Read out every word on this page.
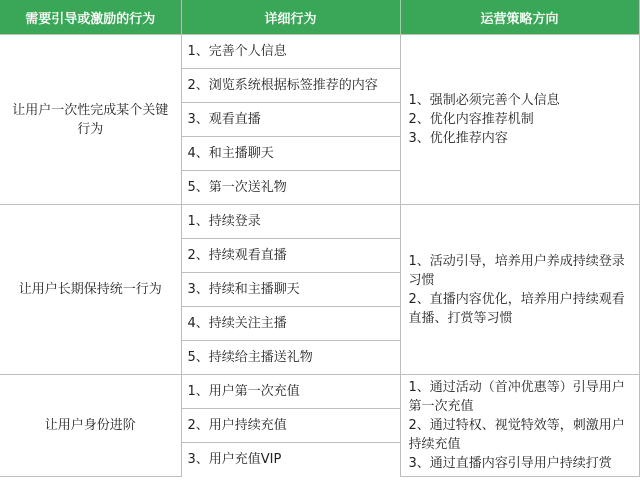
需要引导或激励的行为	详细行为	运营策略方向
让用户一次性完成某个关键行为	1、完善个人信息	1、强制必须完善个人信息
2、优化内容推荐机制
3、优化推荐内容

	2、浏览系统根据标签推荐的内容	
	3、观看直播	
	4、和主播聊天	
	5、第一次送礼物	
让用户长期保持统一行为	1、持续登录	1、活动引导，培养用户养成持续登录习惯
2、直播内容优化，培养用户持续观看直播、打赏等习惯

	2、持续观看直播	
	3、持续和主播聊天	
	4、持续关注主播	
	5、持续给主播送礼物	
让用户身份进阶	1、用户第一次充值	1、通过活动（首冲优惠等）引导用户第一次充值
2、通过特权、视觉特效等，刺激用户持续充值
3、通过直播内容引导用户持续打赏

	2、用户持续充值	
	3、用户充值VIP	
